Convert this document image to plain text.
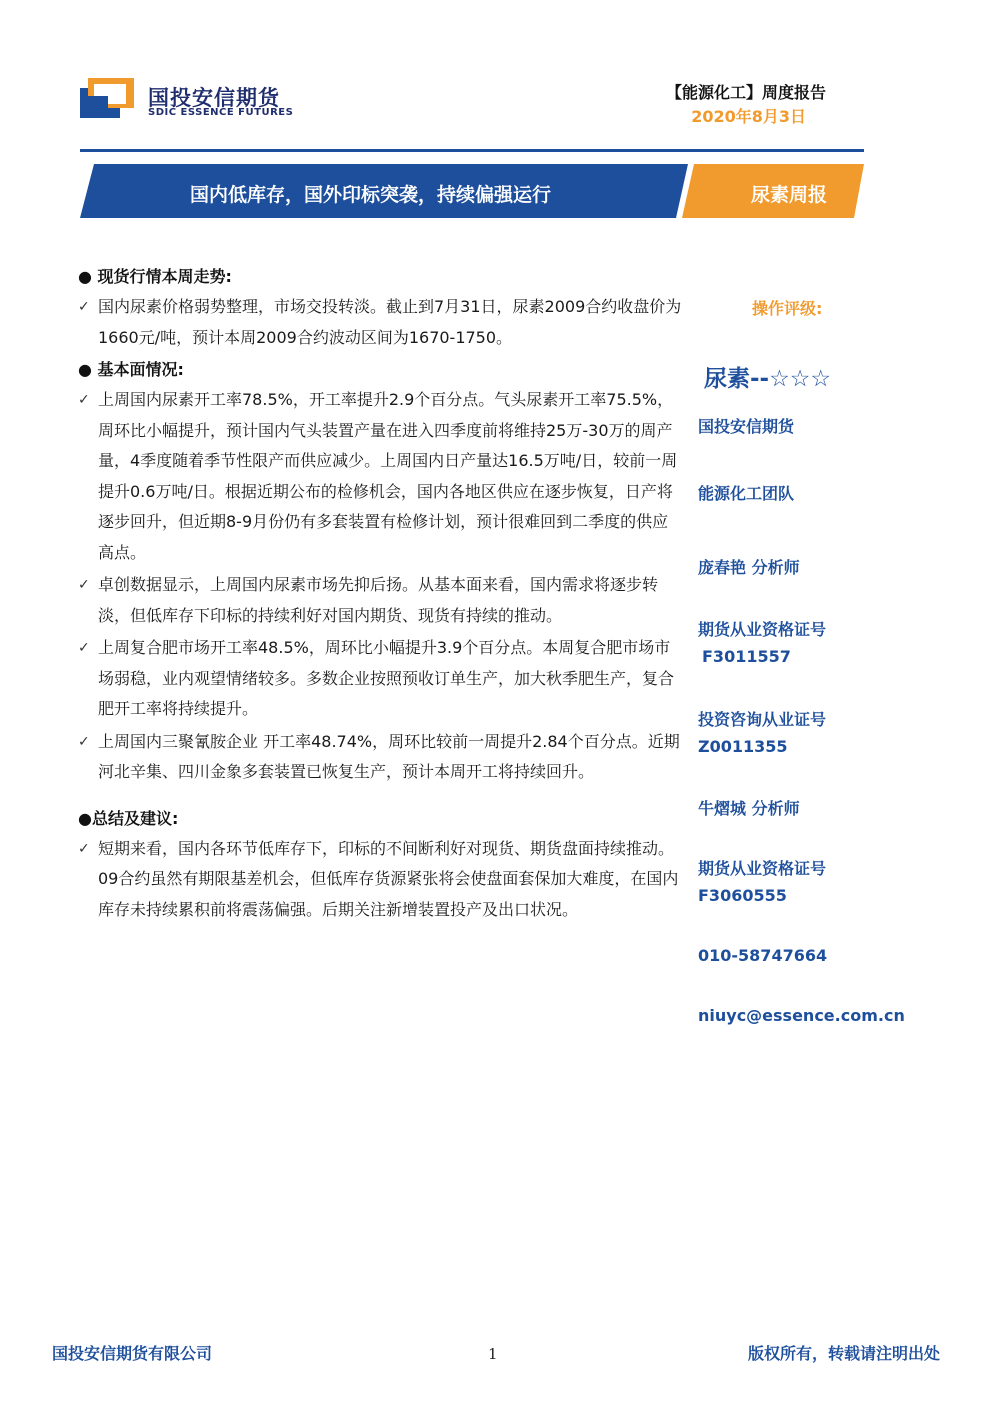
国投安信期货
SDIC ESSENCE FUTURES
【能源化工】周度报告
2020年8月3日
国内低库存，国外印标突袭，持续偏强运行	尿素周报
● 现货行情本周走势:
✓ 国内尿素价格弱势整理，市场交投转淡。截止到7月31日，尿素2009合约收盘价为1660元/吨，预计本周2009合约波动区间为1670-1750。
● 基本面情况:
✓ 上周国内尿素开工率78.5%，开工率提升2.9个百分点。气头尿素开工率75.5%，周环比小幅提升，预计国内气头装置产量在进入四季度前将维持25万-30万的周产量，4季度随着季节性限产而供应减少。上周国内日产量达16.5万吨/日，较前一周提升0.6万吨/日。根据近期公布的检修机会，国内各地区供应在逐步恢复，日产将逐步回升，但近期8-9月份仍有多套装置有检修计划，预计很难回到二季度的供应高点。
✓ 卓创数据显示，上周国内尿素市场先抑后扬。从基本面来看，国内需求将逐步转淡，但低库存下印标的持续利好对国内期货、现货有持续的推动。
✓ 上周复合肥市场开工率48.5%，周环比小幅提升3.9个百分点。本周复合肥市场市场弱稳，业内观望情绪较多。多数企业按照预收订单生产，加大秋季肥生产，复合肥开工率将持续提升。
✓ 上周国内三聚氰胺企业 开工率48.74%，周环比较前一周提升2.84个百分点。近期河北辛集、四川金象多套装置已恢复生产，预计本周开工将持续回升。
●总结及建议:
✓ 短期来看，国内各环节低库存下，印标的不间断利好对现货、期货盘面持续推动。09合约虽然有期限基差机会，但低库存货源紧张将会使盘面套保加大难度，在国内库存未持续累积前将震荡偏强。后期关注新增装置投产及出口状况。
操作评级:
尿素--☆☆☆
国投安信期货
能源化工团队
庞春艳 分析师
期货从业资格证号
F3011557
投资咨询从业证号
Z0011355
牛熠城 分析师
期货从业资格证号
F3060555
010-58747664
niuyc@essence.com.cn
国投安信期货有限公司	1	版权所有，转载请注明出处
